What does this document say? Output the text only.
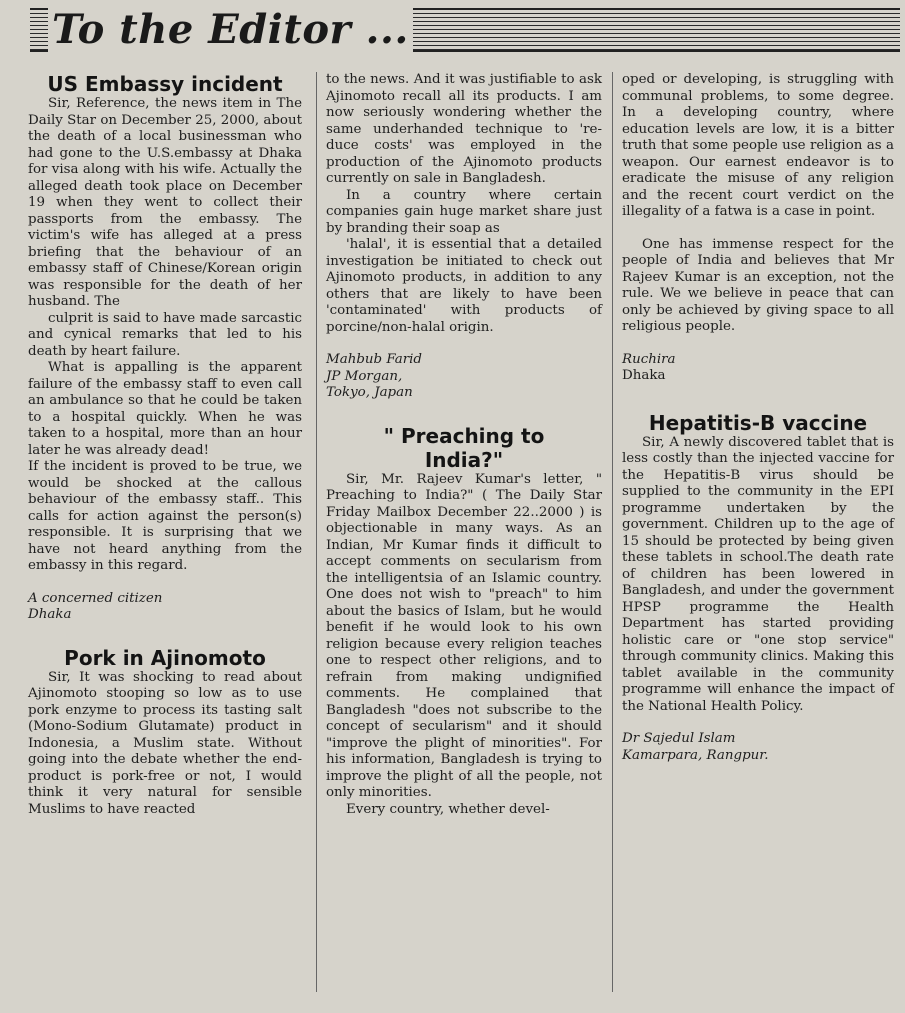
To the Editor ...
US Embassy incident

Sir, Reference, the news item in The Daily Star on December 25, 2000, about the death of a local businessman who had gone to the U.S.embassy at Dhaka for visa along with his wife. Actually the alleged death took place on December 19 when they went to collect their passports from the embassy. The victim's wife has alleged at a press briefing that the behaviour of an embassy staff of Chinese/Korean origin was responsible for the death of her husband. The

culprit is said to have made sarcastic and cynical remarks that led to his death by heart failure.

What is appalling is the apparent failure of the embassy staff to even call an ambulance so that he could be taken to a hospital quickly. When he was taken to a hospital, more than an hour later he was already dead!

If the incident is proved to be true, we would be shocked at the callous behaviour of the embassy staff.. This calls for action against the person(s) responsible. It is surprising that we have not heard anything from the embassy in this regard.

A concerned citizen

Dhaka

Pork in Ajinomoto

Sir, It was shocking to read about Ajinomoto stooping so low as to use pork enzyme to process its tasting salt (Mono-Sodium Glutamate) product in Indonesia, a Muslim state. Without going into the debate whether the end-product is pork-free or not, I would think it very natural for sensible Muslims to have reacted

to the news. And it was justifiable to ask Ajinomoto recall all its products. I am now seriously wondering whether the same underhanded technique to 're-duce costs' was employed in the production of the Ajinomoto products currently on sale in Bangladesh.

In a country where certain companies gain huge market share just by branding their soap as

'halal', it is essential that a detailed investigation be initiated to check out Ajinomoto products, in addition to any others that are likely to have been 'contaminated' with products of porcine/non-halal origin.

Mahbub Farid

JP Morgan,

Tokyo, Japan

" Preaching to India?"

Sir, Mr. Rajeev Kumar's letter, " Preaching to India?" ( The Daily Star Friday Mailbox December 22..2000 ) is objectionable in many ways. As an Indian, Mr Kumar finds it difficult to accept comments on secularism from the intelligentsia of an Islamic country. One does not wish to "preach" to him about the basics of Islam, but he would benefit if he would look to his own religion because every religion teaches one to respect other religions, and to refrain from making undignified comments. He complained that Bangladesh "does not subscribe to the concept of secularism" and it should "improve the plight of minorities". For his information, Bangladesh is trying to improve the plight of all the people, not only minorities.

Every country, whether devel-

oped or developing, is struggling with communal problems, to some degree. In a developing country, where education levels are low, it is a bitter truth that some people use religion as a weapon. Our earnest endeavor is to eradicate the misuse of any religion and the recent court verdict on the illegality of a fatwa is a case in point.

One has immense respect for the people of India and believes that Mr Rajeev Kumar is an exception, not the rule. We we believe in peace that can only be achieved by giving space to all religious people.

Ruchira

Dhaka

Hepatitis-B vaccine

Sir, A newly discovered tablet that is less costly than the injected vaccine for the Hepatitis-B virus should be supplied to the community in the EPI programme undertaken by the government. Children up to the age of 15 should be protected by being given these tablets in school.The death rate of children has been lowered in Bangladesh, and under the government HPSP programme the Health Department has started providing holistic care or "one stop service" through community clinics. Making this tablet available in the community programme will enhance the impact of the National Health Policy.

Dr Sajedul Islam

Kamarpara, Rangpur.
